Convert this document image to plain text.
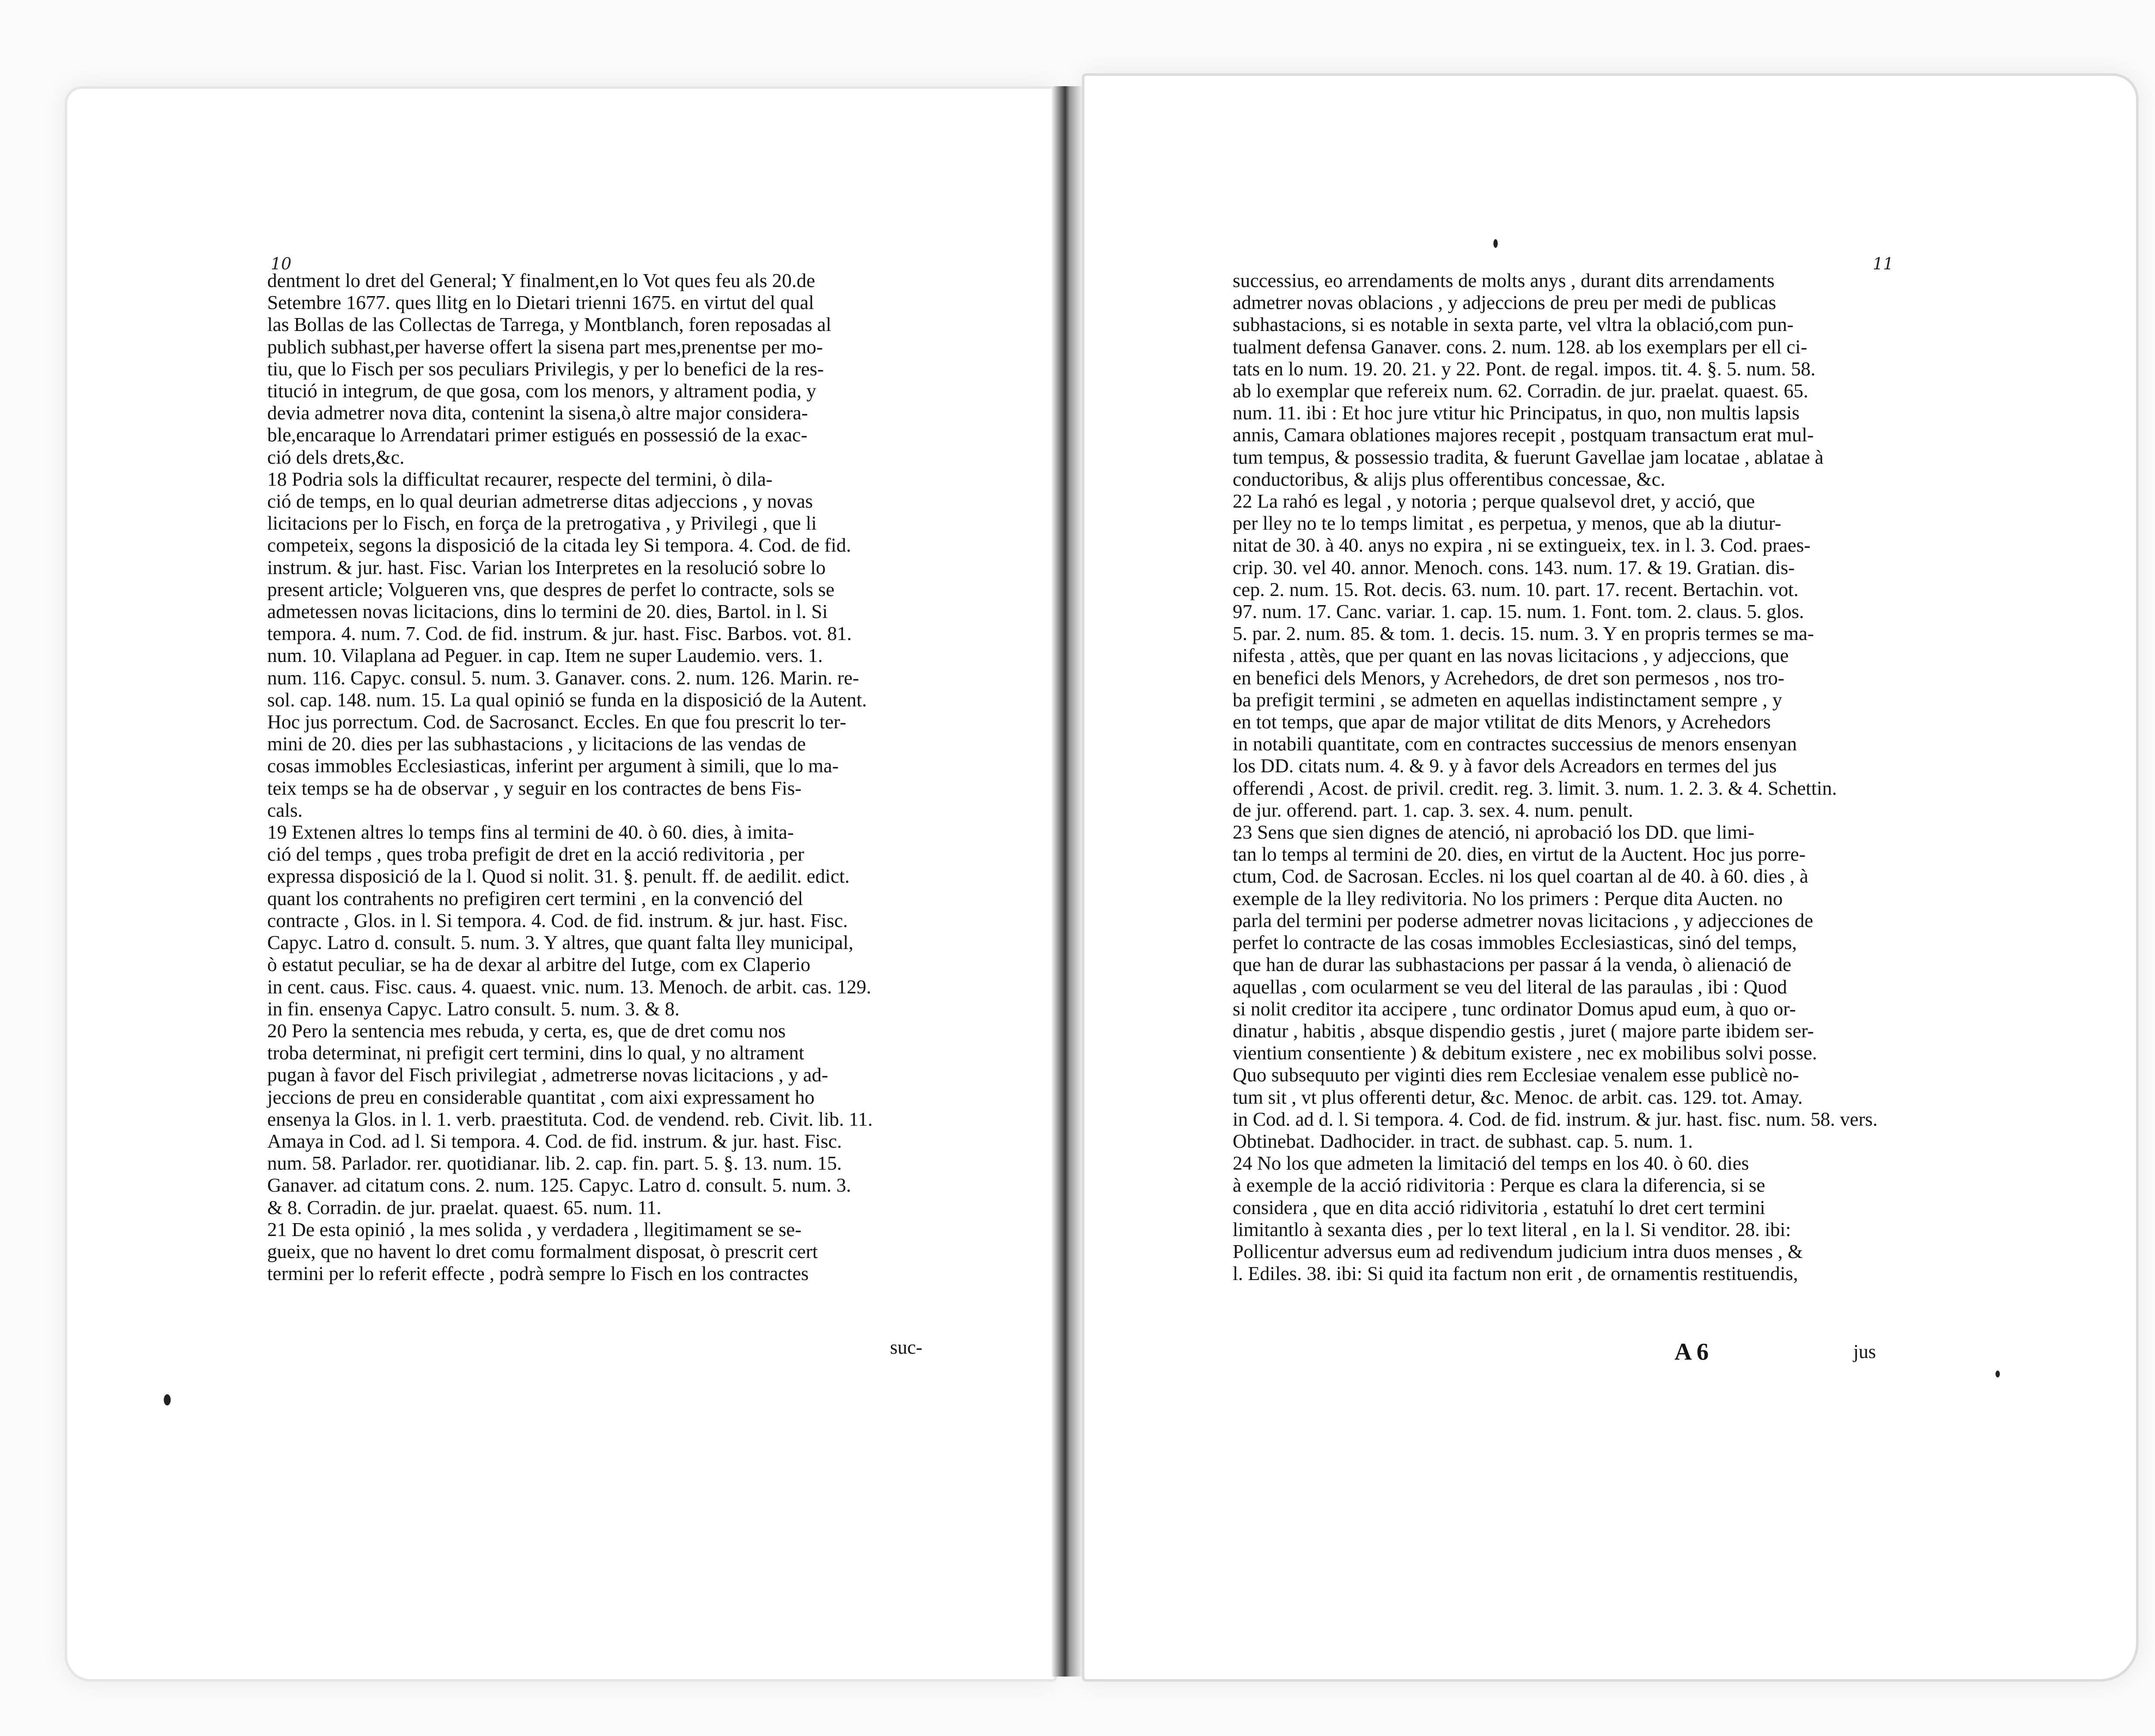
10	11
dentment lo dret del General; Y finalment,en lo Vot ques feu als 20.de
Setembre 1677. ques llitg en lo Dietari trienni 1675. en virtut del qual
las Bollas de las Collectas de Tarrega, y Montblanch, foren reposadas al
publich subhast,per haverse offert la sisena part mes,prenentse per mo-
tiu, que lo Fisch per sos peculiars Privilegis, y per lo benefici de la res-
titució in integrum, de que gosa, com los menors, y altrament podia, y
devia admetrer nova dita, contenint la sisena,ò altre major considera-
ble,encaraque lo Arrendatari primer estigués en possessió de la exac-
ció dels drets,&c.
18 Podria sols la difficultat recaurer, respecte del termini, ò dila-
ció de temps, en lo qual deurian admetrerse ditas adjeccions , y novas
licitacions per lo Fisch, en força de la pretrogativa , y Privilegi , que li
competeix, segons la disposició de la citada ley Si tempora. 4. Cod. de fid.
instrum. & jur. hast. Fisc. Varian los Interpretes en la resolució sobre lo
present article; Volgueren vns, que despres de perfet lo contracte, sols se
admetessen novas licitacions, dins lo termini de 20. dies, Bartol. in l. Si
tempora. 4. num. 7. Cod. de fid. instrum. & jur. hast. Fisc. Barbos. vot. 81.
num. 10. Vilaplana ad Peguer. in cap. Item ne super Laudemio. vers. 1.
num. 116. Capyc. consul. 5. num. 3. Ganaver. cons. 2. num. 126. Marin. re-
sol. cap. 148. num. 15. La qual opinió se funda en la disposició de la Autent.
Hoc jus porrectum. Cod. de Sacrosanct. Eccles. En que fou prescrit lo ter-
mini de 20. dies per las subhastacions , y licitacions de las vendas de
cosas immobles Ecclesiasticas, inferint per argument à simili, que lo ma-
teix temps se ha de observar , y seguir en los contractes de bens Fis-
cals.
19 Extenen altres lo temps fins al termini de 40. ò 60. dies, à imita-
ció del temps , ques troba prefigit de dret en la acció redivitoria , per
expressa disposició de la l. Quod si nolit. 31. §. penult. ff. de aedilit. edict.
quant los contrahents no prefigiren cert termini , en la convenció del
contracte , Glos. in l. Si tempora. 4. Cod. de fid. instrum. & jur. hast. Fisc.
Capyc. Latro d. consult. 5. num. 3. Y altres, que quant falta lley municipal,
ò estatut peculiar, se ha de dexar al arbitre del Iutge, com ex Claperio
in cent. caus. Fisc. caus. 4. quaest. vnic. num. 13. Menoch. de arbit. cas. 129.
in fin. ensenya Capyc. Latro consult. 5. num. 3. & 8.
20 Pero la sentencia mes rebuda, y certa, es, que de dret comu nos
troba determinat, ni prefigit cert termini, dins lo qual, y no altrament
pugan à favor del Fisch privilegiat , admetrerse novas licitacions , y ad-
jeccions de preu en considerable quantitat , com aixi expressament ho
ensenya la Glos. in l. 1. verb. praestituta. Cod. de vendend. reb. Civit. lib. 11.
Amaya in Cod. ad l. Si tempora. 4. Cod. de fid. instrum. & jur. hast. Fisc.
num. 58. Parlador. rer. quotidianar. lib. 2. cap. fin. part. 5. §. 13. num. 15.
Ganaver. ad citatum cons. 2. num. 125. Capyc. Latro d. consult. 5. num. 3.
& 8. Corradin. de jur. praelat. quaest. 65. num. 11.
21 De esta opinió , la mes solida , y verdadera , llegitimament se se-
gueix, que no havent lo dret comu formalment disposat, ò prescrit cert
termini per lo referit effecte , podrà sempre lo Fisch en los contractes
successius, eo arrendaments de molts anys , durant dits arrendaments
admetrer novas oblacions , y adjeccions de preu per medi de publicas
subhastacions, si es notable in sexta parte, vel vltra la oblació,com pun-
tualment defensa Ganaver. cons. 2. num. 128. ab los exemplars per ell ci-
tats en lo num. 19. 20. 21. y 22. Pont. de regal. impos. tit. 4. §. 5. num. 58.
ab lo exemplar que refereix num. 62. Corradin. de jur. praelat. quaest. 65.
num. 11. ibi : Et hoc jure vtitur hic Principatus, in quo, non multis lapsis
annis, Camara oblationes majores recepit , postquam transactum erat mul-
tum tempus, & possessio tradita, & fuerunt Gavellae jam locatae , ablatae à
conductoribus, & alijs plus offerentibus concessae, &c.
22 La rahó es legal , y notoria ; perque qualsevol dret, y acció, que
per lley no te lo temps limitat , es perpetua, y menos, que ab la diutur-
nitat de 30. à 40. anys no expira , ni se extingueix, tex. in l. 3. Cod. praes-
crip. 30. vel 40. annor. Menoch. cons. 143. num. 17. & 19. Gratian. dis-
cep. 2. num. 15. Rot. decis. 63. num. 10. part. 17. recent. Bertachin. vot.
97. num. 17. Canc. variar. 1. cap. 15. num. 1. Font. tom. 2. claus. 5. glos.
5. par. 2. num. 85. & tom. 1. decis. 15. num. 3. Y en propris termes se ma-
nifesta , attès, que per quant en las novas licitacions , y adjeccions, que
en benefici dels Menors, y Acrehedors, de dret son permesos , nos tro-
ba prefigit termini , se admeten en aquellas indistinctament sempre , y
en tot temps, que apar de major vtilitat de dits Menors, y Acrehedors
in notabili quantitate, com en contractes successius de menors ensenyan
los DD. citats num. 4. & 9. y à favor dels Acreadors en termes del jus
offerendi , Acost. de privil. credit. reg. 3. limit. 3. num. 1. 2. 3. & 4. Schettin.
de jur. offerend. part. 1. cap. 3. sex. 4. num. penult.
23 Sens que sien dignes de atenció, ni aprobació los DD. que limi-
tan lo temps al termini de 20. dies, en virtut de la Auctent. Hoc jus porre-
ctum, Cod. de Sacrosan. Eccles. ni los quel coartan al de 40. à 60. dies , à
exemple de la lley redivitoria. No los primers : Perque dita Aucten. no
parla del termini per poderse admetrer novas licitacions , y adjecciones de
perfet lo contracte de las cosas immobles Ecclesiasticas, sinó del temps,
que han de durar las subhastacions per passar á la venda, ò alienació de
aquellas , com ocularment se veu del literal de las paraulas , ibi : Quod
si nolit creditor ita accipere , tunc ordinator Domus apud eum, à quo or-
dinatur , habitis , absque dispendio gestis , juret ( majore parte ibidem ser-
vientium consentiente ) & debitum existere , nec ex mobilibus solvi posse.
Quo subsequuto per viginti dies rem Ecclesiae venalem esse publicè no-
tum sit , vt plus offerenti detur, &c. Menoc. de arbit. cas. 129. tot. Amay.
in Cod. ad d. l. Si tempora. 4. Cod. de fid. instrum. & jur. hast. fisc. num. 58. vers.
Obtinebat. Dadhocider. in tract. de subhast. cap. 5. num. 1.
24 No los que admeten la limitació del temps en los 40. ò 60. dies
à exemple de la acció ridivitoria : Perque es clara la diferencia, si se
considera , que en dita acció ridivitoria , estatuhí lo dret cert termini
limitantlo à sexanta dies , per lo text literal , en la l. Si venditor. 28. ibi:
Pollicentur adversus eum ad redivendum judicium intra duos menses , &
l. Ediles. 38. ibi: Si quid ita factum non erit , de ornamentis restituendis,
suc-	A 6	jus
